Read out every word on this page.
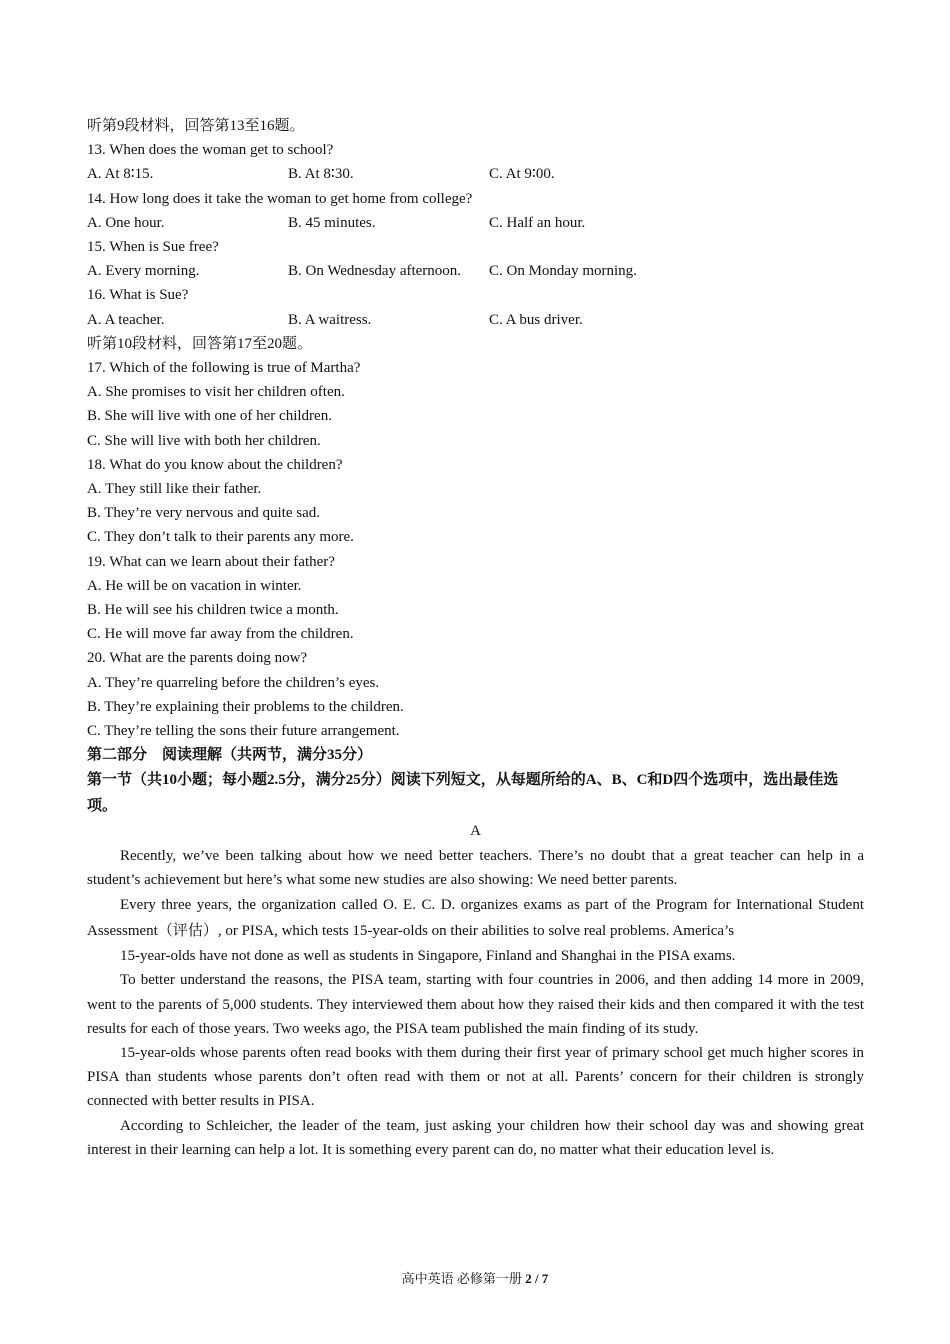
听第9段材料，回答第13至16题。
13. When does the woman get to school?
A. At 8∶15.	B. At 8∶30.	C. At 9∶00.
14. How long does it take the woman to get home from college?
A. One hour.	B. 45 minutes.	C. Half an hour.
15. When is Sue free?
A. Every morning.	B. On Wednesday afternoon.	C. On Monday morning.
16. What is Sue?
A. A teacher.	B. A waitress.	C. A bus driver.
听第10段材料，回答第17至20题。
17. Which of the following is true of Martha?
A. She promises to visit her children often.
B. She will live with one of her children.
C. She will live with both her children.
18. What do you know about the children?
A. They still like their father.
B. They’re very nervous and quite sad.
C. They don’t talk to their parents any more.
19. What can we learn about their father?
A. He will be on vacation in winter.
B. He will see his children twice a month.
C. He will move far away from the children.
20. What are the parents doing now?
A. They’re quarreling before the children’s eyes.
B. They’re explaining their problems to the children.
C. They’re telling the sons their future arrangement.
第二部分　阅读理解（共两节，满分35分）
第一节（共10小题；每小题2.5分，满分25分）阅读下列短文，从每题所给的A、B、C和D四个选项中，选出最佳选项。
A
Recently, we’ve been talking about how we need better teachers. There’s no doubt that a great teacher can help in a student’s achievement but here’s what some new studies are also showing: We need better parents.
Every three years, the organization called O. E. C. D. organizes exams as part of the Program for International Student Assessment（评估）, or PISA, which tests 15-year-olds on their abilities to solve real problems. America’s
15-year-olds have not done as well as students in Singapore, Finland and Shanghai in the PISA exams.
To better understand the reasons, the PISA team, starting with four countries in 2006, and then adding 14 more in 2009, went to the parents of 5,000 students. They interviewed them about how they raised their kids and then compared it with the test results for each of those years. Two weeks ago, the PISA team published the main finding of its study.
15-year-olds whose parents often read books with them during their first year of primary school get much higher scores in PISA than students whose parents don’t often read with them or not at all. Parents’ concern for their children is strongly connected with better results in PISA.
According to Schleicher, the leader of the team, just asking your children how their school day was and showing great interest in their learning can help a lot. It is something every parent can do, no matter what their education level is.
高中英语 必修第一册 2 / 7
